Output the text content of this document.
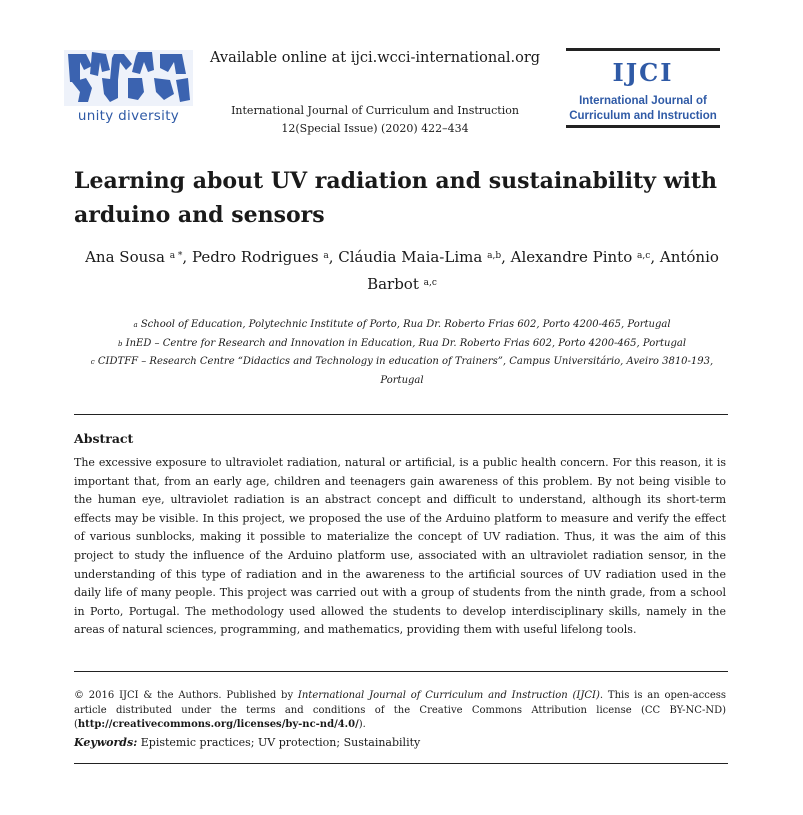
unity diversity
Available online at ijci.wcci-international.org
International Journal of Curriculum and Instruction
12(Special Issue) (2020) 422–434
IJCI
International Journal of
Curriculum and Instruction
Learning about UV radiation and sustainability with arduino and sensors
Ana Sousa $^{a *}$, Pedro Rodrigues $^a$, Cláudia Maia-Lima $^{a,b}$, Alexandre Pinto $^{a,c}$, António Barbot $^{a,c}$
$^a$ School of Education, Polytechnic Institute of Porto, Rua Dr. Roberto Frias 602, Porto 4200-465, Portugal
$^b$ InED – Centre for Research and Innovation in Education, Rua Dr. Roberto Frias 602, Porto 4200-465, Portugal
$^c$ CIDTFF – Research Centre “Didactics and Technology in education of Trainers”, Campus Universitário, Aveiro 3810-193, Portugal
Abstract
The excessive exposure to ultraviolet radiation, natural or artificial, is a public health concern. For this reason, it is important that, from an early age, children and teenagers gain awareness of this problem. By not being visible to the human eye, ultraviolet radiation is an abstract concept and difficult to understand, although its short-term effects may be visible. In this project, we proposed the use of the Arduino platform to measure and verify the effect of various sunblocks, making it possible to materialize the concept of UV radiation. Thus, it was the aim of this project to study the influence of the Arduino platform use, associated with an ultraviolet radiation sensor, in the understanding of this type of radiation and in the awareness to the artificial sources of UV radiation used in the daily life of many people. This project was carried out with a group of students from the ninth grade, from a school in Porto, Portugal. The methodology used allowed the students to develop interdisciplinary skills, namely in the areas of natural sciences, programming, and mathematics, providing them with useful lifelong tools.
© 2016 IJCI & the Authors. Published by International Journal of Curriculum and Instruction (IJCI). This is an open-access article distributed under the terms and conditions of the Creative Commons Attribution license (CC BY-NC-ND) (http://creativecommons.org/licenses/by-nc-nd/4.0/).
Keywords: Epistemic practices; UV protection; Sustainability
